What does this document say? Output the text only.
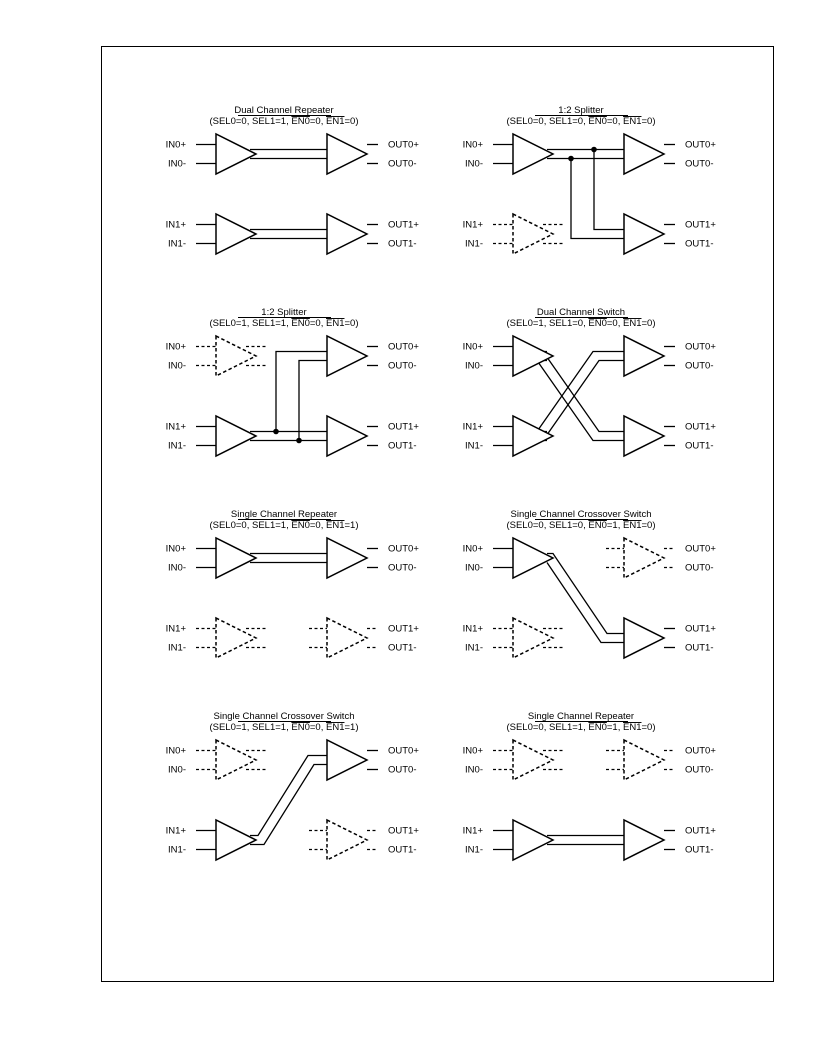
Dual Channel Repeater
(SEL0=0, SEL1=1, EN0=0, EN1=0)
IN0+
IN0-
IN1+
IN1-
OUT0+
OUT0-
OUT1+
OUT1-
1:2 Splitter
(SEL0=0, SEL1=0, EN0=0, EN1=0)
IN0+
IN0-
IN1+
IN1-
OUT0+
OUT0-
OUT1+
OUT1-
1:2 Splitter
(SEL0=1, SEL1=1, EN0=0, EN1=0)
IN0+
IN0-
IN1+
IN1-
OUT0+
OUT0-
OUT1+
OUT1-
Dual Channel Switch
(SEL0=1, SEL1=0, EN0=0, EN1=0)
IN0+
IN0-
IN1+
IN1-
OUT0+
OUT0-
OUT1+
OUT1-
Single Channel Repeater
(SEL0=0, SEL1=1, EN0=0, EN1=1)
IN0+
IN0-
IN1+
IN1-
OUT0+
OUT0-
OUT1+
OUT1-
Single Channel Crossover Switch
(SEL0=0, SEL1=0, EN0=1, EN1=0)
IN0+
IN0-
IN1+
IN1-
OUT0+
OUT0-
OUT1+
OUT1-
Single Channel Crossover Switch
(SEL0=1, SEL1=1, EN0=0, EN1=1)
IN0+
IN0-
IN1+
IN1-
OUT0+
OUT0-
OUT1+
OUT1-
Single Channel Repeater
(SEL0=0, SEL1=1, EN0=1, EN1=0)
IN0+
IN0-
IN1+
IN1-
OUT0+
OUT0-
OUT1+
OUT1-
